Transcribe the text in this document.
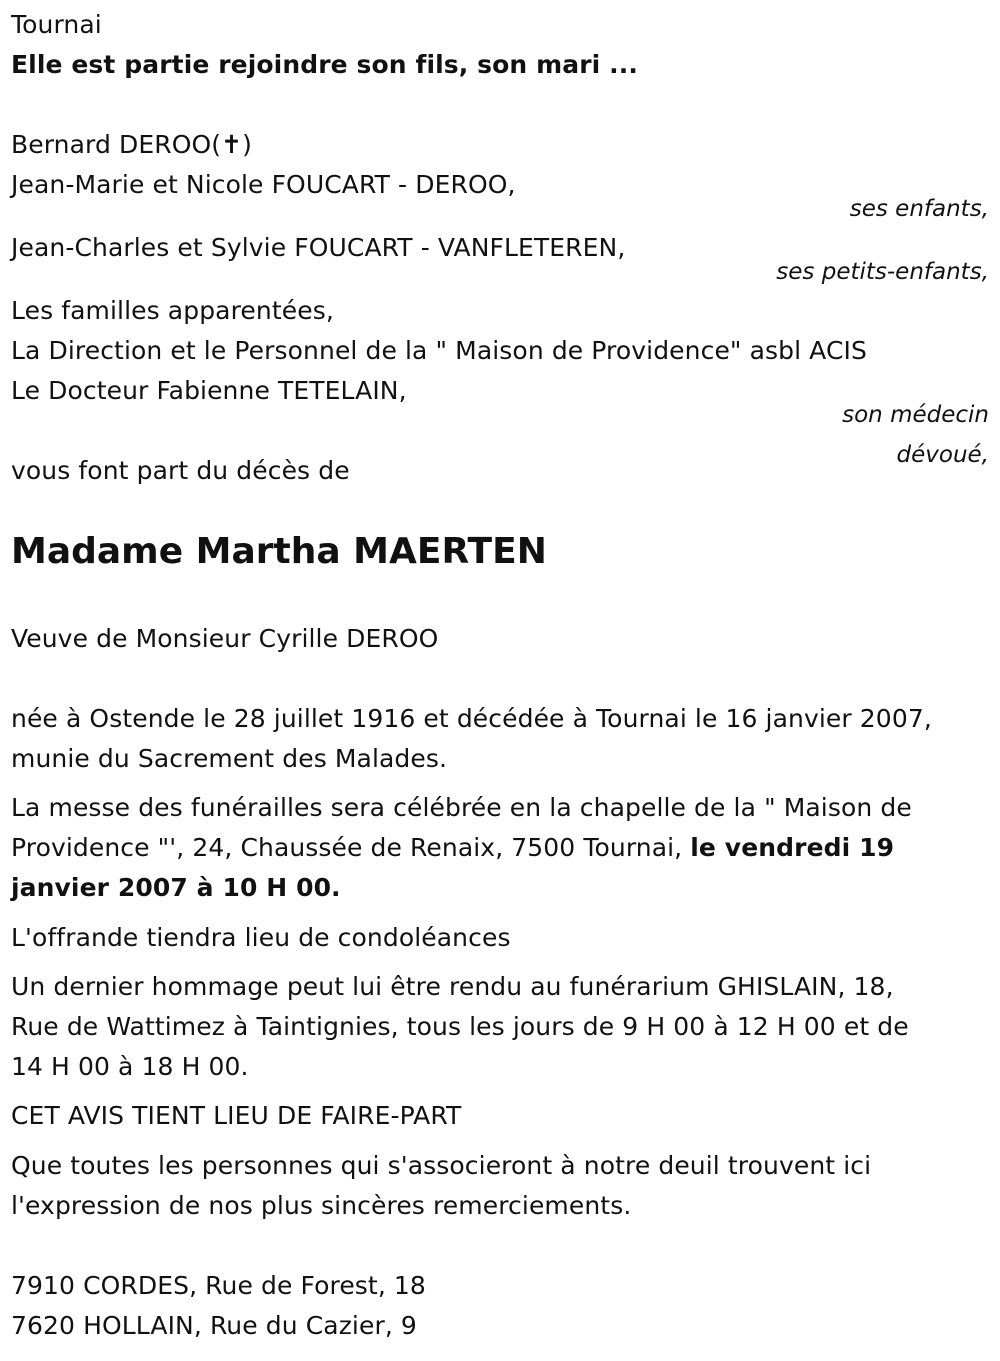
Tournai
Elle est partie rejoindre son fils, son mari ...
Bernard DEROO(✝)
Jean-Marie et Nicole FOUCART - DEROO,
ses enfants,
Jean-Charles et Sylvie FOUCART - VANFLETEREN,
ses petits-enfants,
Les familles apparentées,
La Direction et le Personnel de la " Maison de Providence" asbl ACIS
Le Docteur Fabienne TETELAIN,
son médecin
dévoué,
vous font part du décès de
Madame Martha MAERTEN
Veuve de Monsieur Cyrille DEROO
née à Ostende le 28 juillet 1916 et décédée à Tournai le 16 janvier 2007,
munie du Sacrement des Malades.
La messe des funérailles sera célébrée en la chapelle de la " Maison de
Providence "', 24, Chaussée de Renaix, 7500 Tournai, le vendredi 19
janvier 2007 à 10 H 00.
L'offrande tiendra lieu de condoléances
Un dernier hommage peut lui être rendu au funérarium GHISLAIN, 18,
Rue de Wattimez à Taintignies, tous les jours de 9 H 00 à 12 H 00 et de
14 H 00 à 18 H 00.
CET AVIS TIENT LIEU DE FAIRE-PART
Que toutes les personnes qui s'associeront à notre deuil trouvent ici
l'expression de nos plus sincères remerciements.
7910 CORDES, Rue de Forest, 18
7620 HOLLAIN, Rue du Cazier, 9
